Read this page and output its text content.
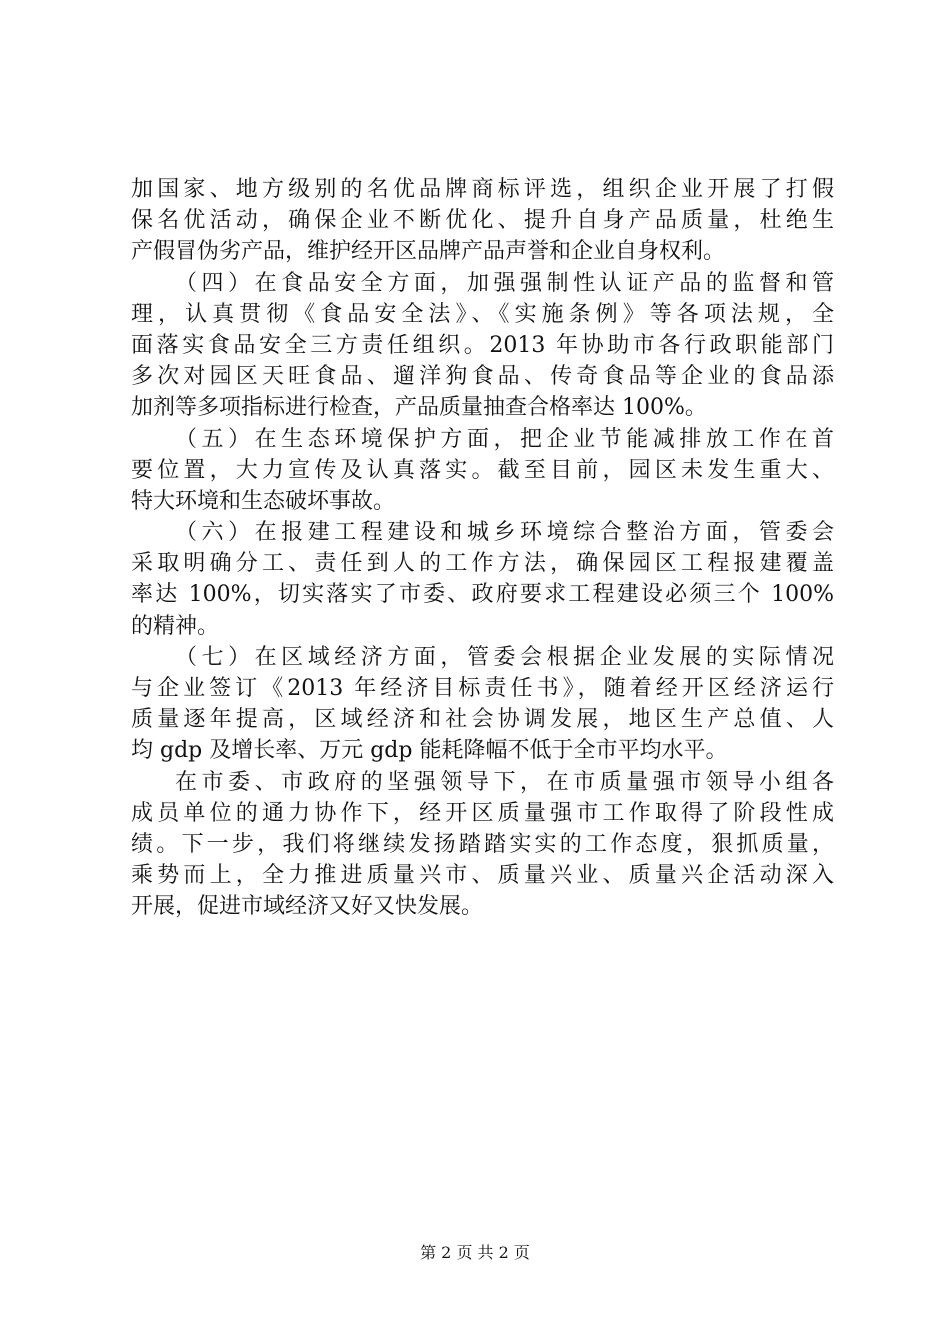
加国家、地方级别的名优品牌商标评选，组织企业开展了打假
保名优活动，确保企业不断优化、提升自身产品质量，杜绝生
产假冒伪劣产品，维护经开区品牌产品声誉和企业自身权利。
（四）在食品安全方面，加强强制性认证产品的监督和管
理，认真贯彻《食品安全法》、《实施条例》等各项法规，全
面落实食品安全三方责任组织。2013 年协助市各行政职能部门
多次对园区天旺食品、遛洋狗食品、传奇食品等企业的食品添
加剂等多项指标进行检查，产品质量抽查合格率达 100%。
（五）在生态环境保护方面，把企业节能减排放工作在首
要位置，大力宣传及认真落实。截至目前，园区未发生重大、
特大环境和生态破坏事故。
（六）在报建工程建设和城乡环境综合整治方面，管委会
采取明确分工、责任到人的工作方法，确保园区工程报建覆盖
率达 100%，切实落实了市委、政府要求工程建设必须三个 100%
的精神。
（七）在区域经济方面，管委会根据企业发展的实际情况
与企业签订《2013 年经济目标责任书》，随着经开区经济运行
质量逐年提高，区域经济和社会协调发展，地区生产总值、人
均 gdp 及增长率、万元 gdp 能耗降幅不低于全市平均水平。
在市委、市政府的坚强领导下，在市质量强市领导小组各
成员单位的通力协作下，经开区质量强市工作取得了阶段性成
绩。下一步，我们将继续发扬踏踏实实的工作态度，狠抓质量，
乘势而上，全力推进质量兴市、质量兴业、质量兴企活动深入
开展，促进市域经济又好又快发展。
第 2 页 共 2 页
